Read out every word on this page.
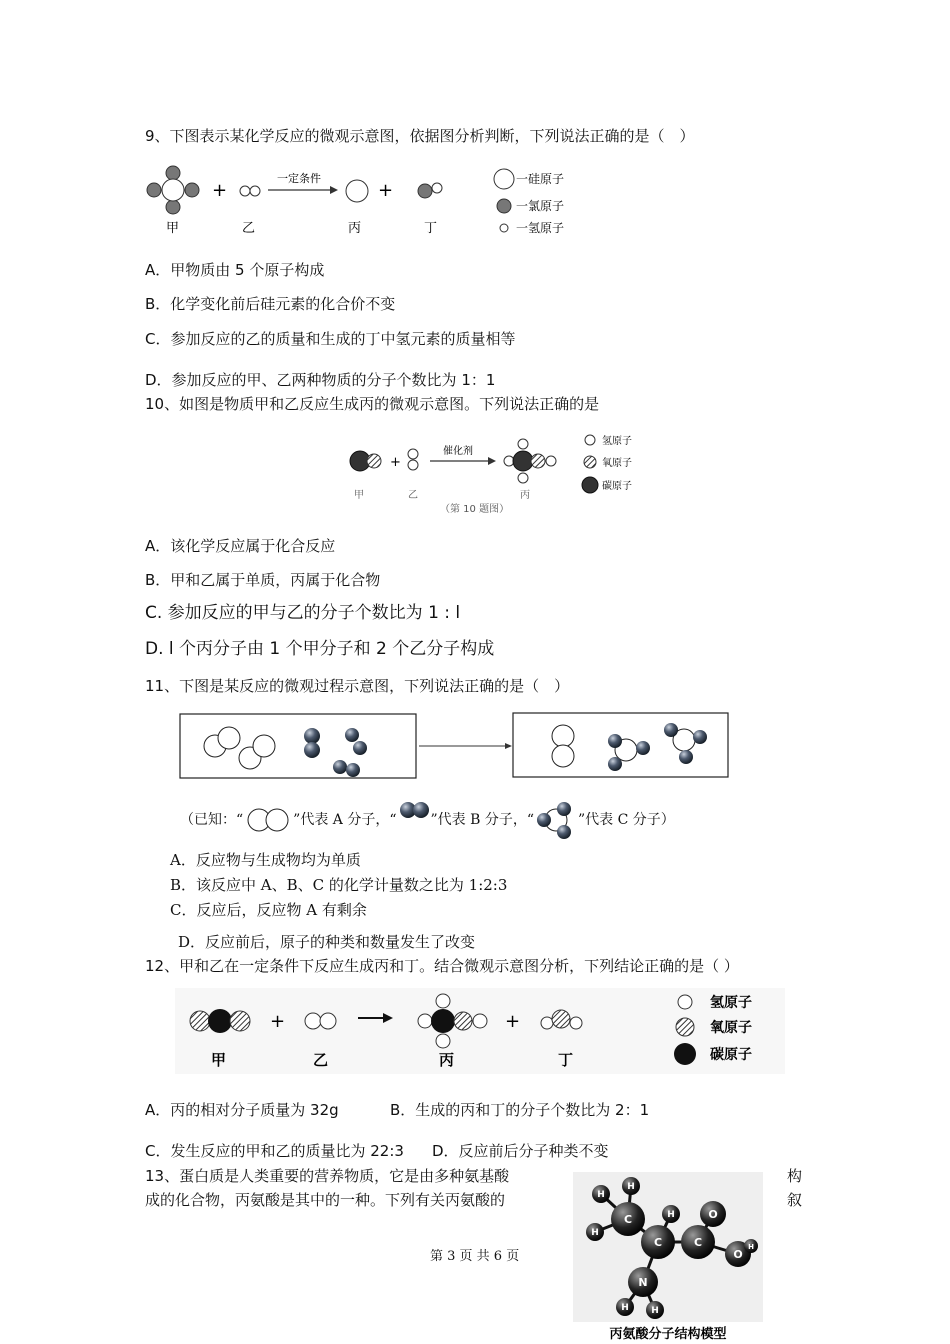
9、下图表示某化学反应的微观示意图，依据图分析判断，下列说法正确的是（　）
+
一定条件
+
甲	乙	丙	丁
一硅原子
一氯原子
一氢原子
A．甲物质由 5 个原子构成
B．化学变化前后硅元素的化合价不变
C．参加反应的乙的质量和生成的丁中氢元素的质量相等
D．参加反应的甲、乙两种物质的分子个数比为 1：1
10、如图是物质甲和乙反应生成丙的微观示意图。下列说法正确的是
+
催化剂
甲	乙	丙
（第 10 题图）
氢原子
氧原子
碳原子
A．该化学反应属于化合反应
B．甲和乙属于单质，丙属于化合物
C. 参加反应的甲与乙的分子个数比为 1 : l
D. l 个丙分子由 1 个甲分子和 2 个乙分子构成
11、下图是某反应的微观过程示意图，下列说法正确的是（　）
（已知：“	”代表 A 分子，“ ”代表 B 分子，“	”代表 C 分子）
A．反应物与生成物均为单质
B．该反应中 A、B、C 的化学计量数之比为 1:2:3
C．反应后，反应物 A 有剩余
D．反应前后，原子的种类和数量发生了改变
12、甲和乙在一定条件下反应生成丙和丁。结合微观示意图分析，下列结论正确的是（ ）
+	+
甲	乙	丙	丁
氢原子
氧原子
碳原子
A．丙的相对分子质量为 32g	B．生成的丙和丁的分子个数比为 2：1
C．发生反应的甲和乙的质量比为 22:3 D．反应前后分子种类不变
13、蛋白质是人类重要的营养物质，它是由多种氨基酸	构
成的化合物，丙氨酸是其中的一种。下列有关丙氨酸的	叙
H
H
H
H
C
C	C
O
O
H
N
H H
丙氨酸分子结构模型
第 3 页 共 6 页
